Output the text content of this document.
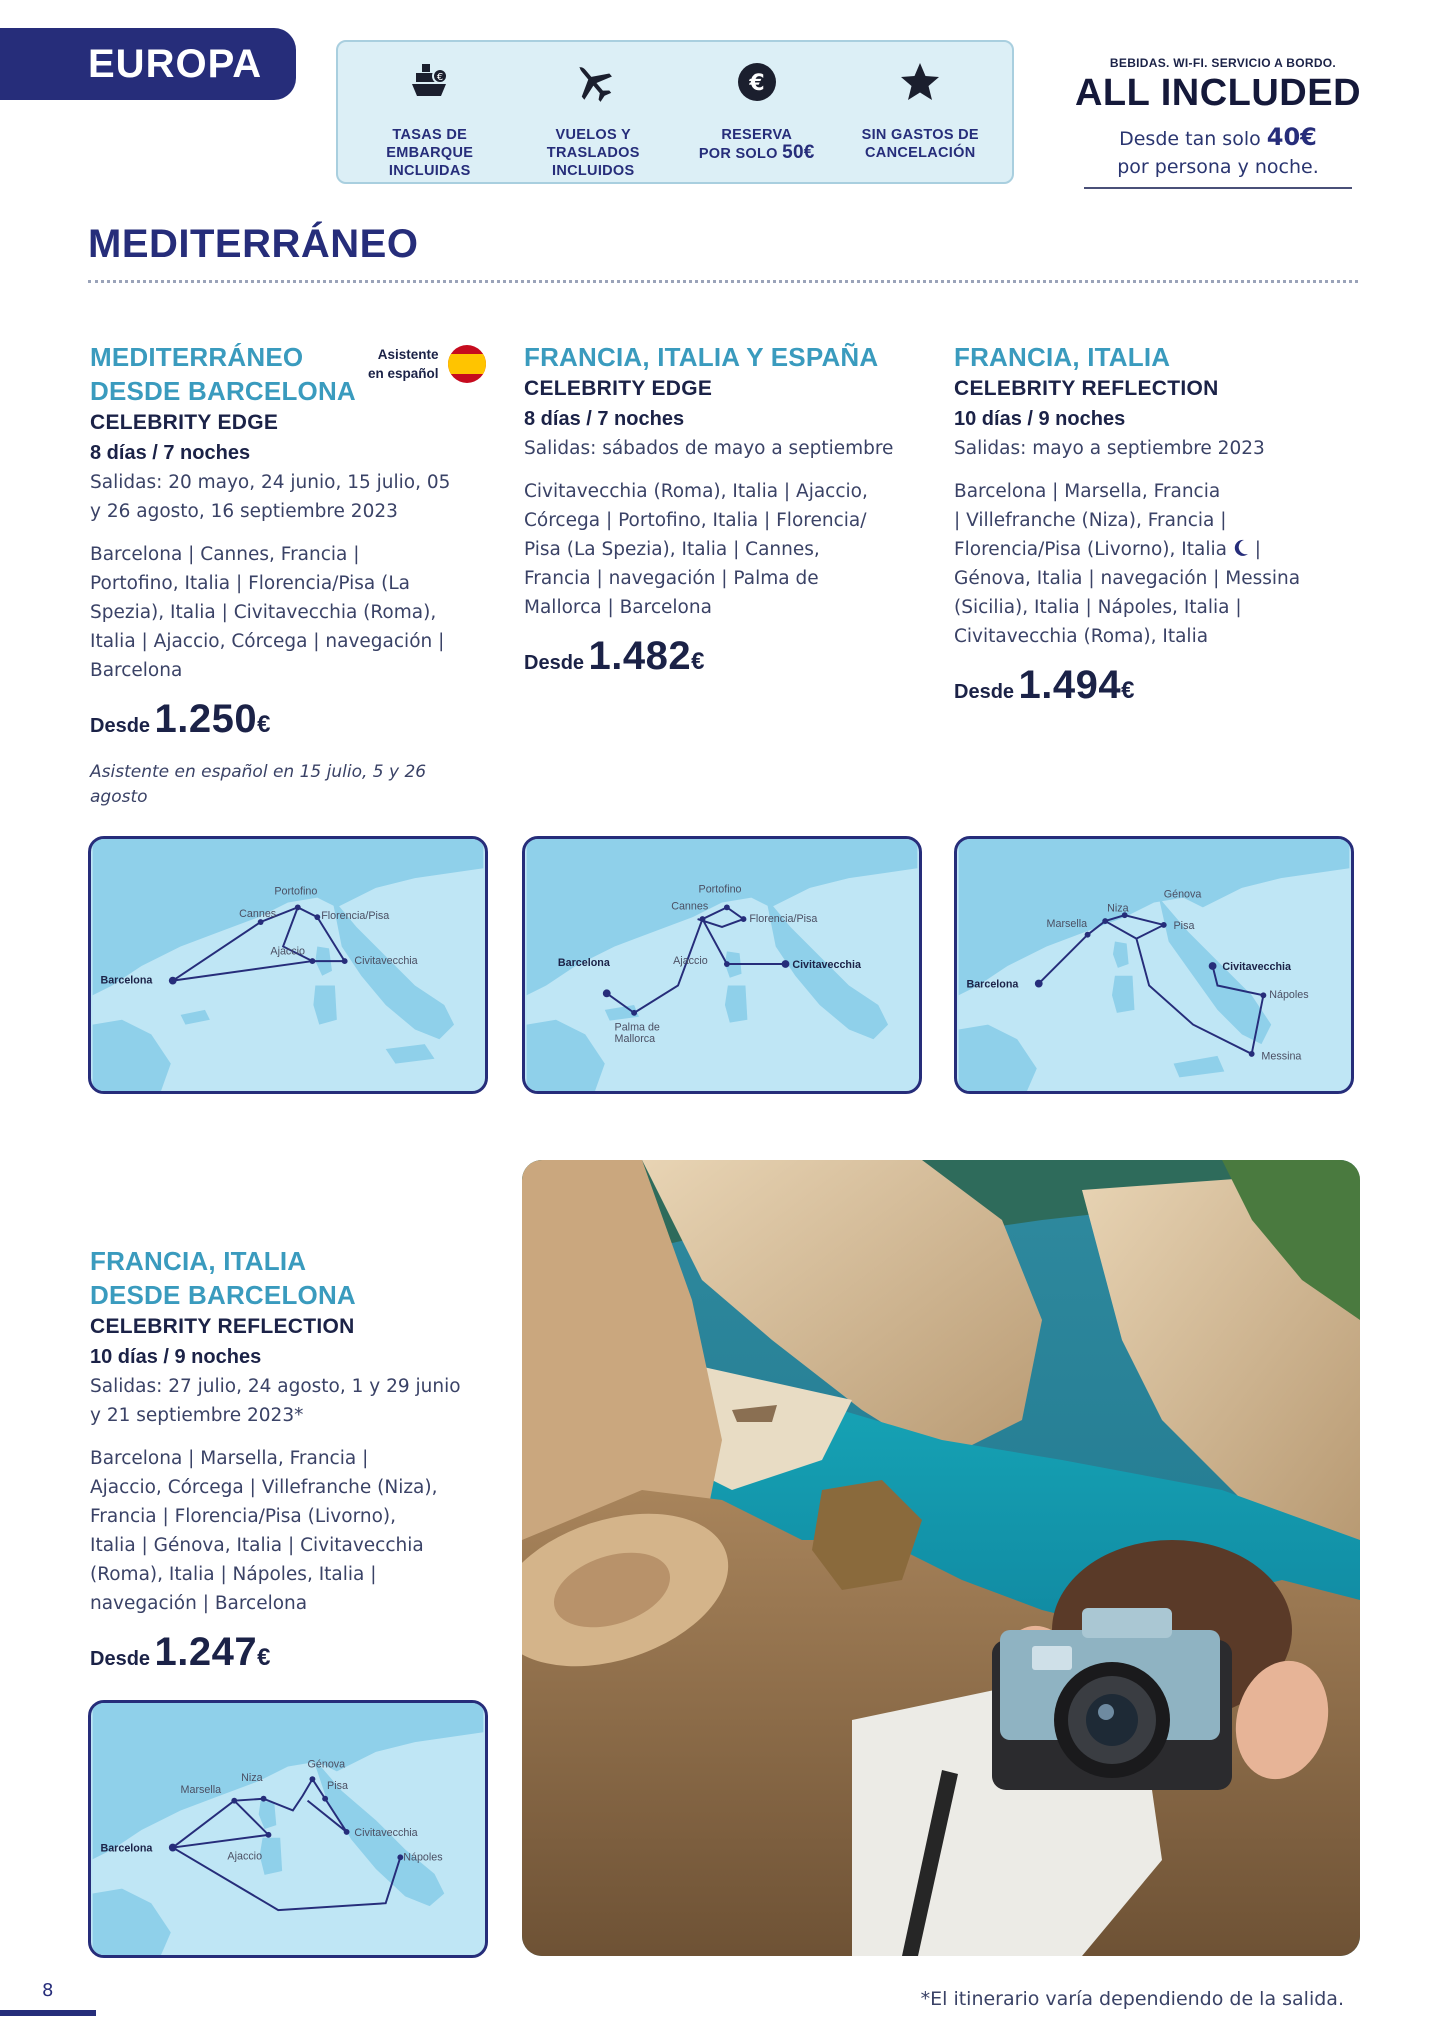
EUROPA	€
TASAS DE EMBARQUE
INCLUIDAS
VUELOS Y TRASLADOS
INCLUIDOS
€
RESERVA
POR SOLO 50€
SIN GASTOS DE
CANCELACIÓN
BEBIDAS. WI-FI. SERVICIO A BORDO.
ALL INCLUDED
Desde tan solo 40€
por persona y noche.
MEDITERRÁNEO
MEDITERRÁNEO
DESDE BARCELONA
CELEBRITY EDGE
8 días / 7 noches
Salidas: 20 mayo, 24 junio, 15 julio, 05
y 26 agosto, 16 septiembre 2023
Barcelona | Cannes, Francia |
Portofino, Italia | Florencia/Pisa (La
Spezia), Italia | Civitavecchia (Roma),
Italia | Ajaccio, Córcega | navegación |
Barcelona
Desde 1.250€
Asistente en español en 15 julio, 5 y 26
agosto
Asistente
en español
FRANCIA, ITALIA Y ESPAÑA
CELEBRITY EDGE
8 días / 7 noches
Salidas: sábados de mayo a septiembre
Civitavecchia (Roma), Italia | Ajaccio,
Córcega | Portofino, Italia | Florencia/
Pisa (La Spezia), Italia | Cannes,
Francia | navegación | Palma de
Mallorca | Barcelona
Desde 1.482€
FRANCIA, ITALIA
CELEBRITY REFLECTION
10 días / 9 noches
Salidas: mayo a septiembre 2023
Barcelona | Marsella, Francia
| Villefranche (Niza), Francia |
Florencia/Pisa (Livorno), Italia  |
Génova, Italia | navegación | Messina
(Sicilia), Italia | Nápoles, Italia |
Civitavecchia (Roma), Italia
Desde 1.494€
Barcelona
Cannes
Portofino
Florencia/Pisa
Ajaccio
Civitavecchia	Barcelona
Cannes
Portofino
Florencia/Pisa
Ajaccio	Civitavecchia
Palma de
Mallorca
Barcelona
Marsella
Niza
Génova
Pisa
Civitavecchia
Nápoles
Messina
FRANCIA, ITALIA
DESDE BARCELONA
CELEBRITY REFLECTION
10 días / 9 noches
Salidas: 27 julio, 24 agosto, 1 y 29 junio
y 21 septiembre 2023*
Barcelona | Marsella, Francia |
Ajaccio, Córcega | Villefranche (Niza),
Francia | Florencia/Pisa (Livorno),
Italia | Génova, Italia | Civitavecchia
(Roma), Italia | Nápoles, Italia |
navegación | Barcelona
Desde 1.247€
Barcelona
Marsella
Niza
Génova
Pisa
Ajaccio
Civitavecchia
Nápoles
8	*El itinerario varía dependiendo de la salida.
